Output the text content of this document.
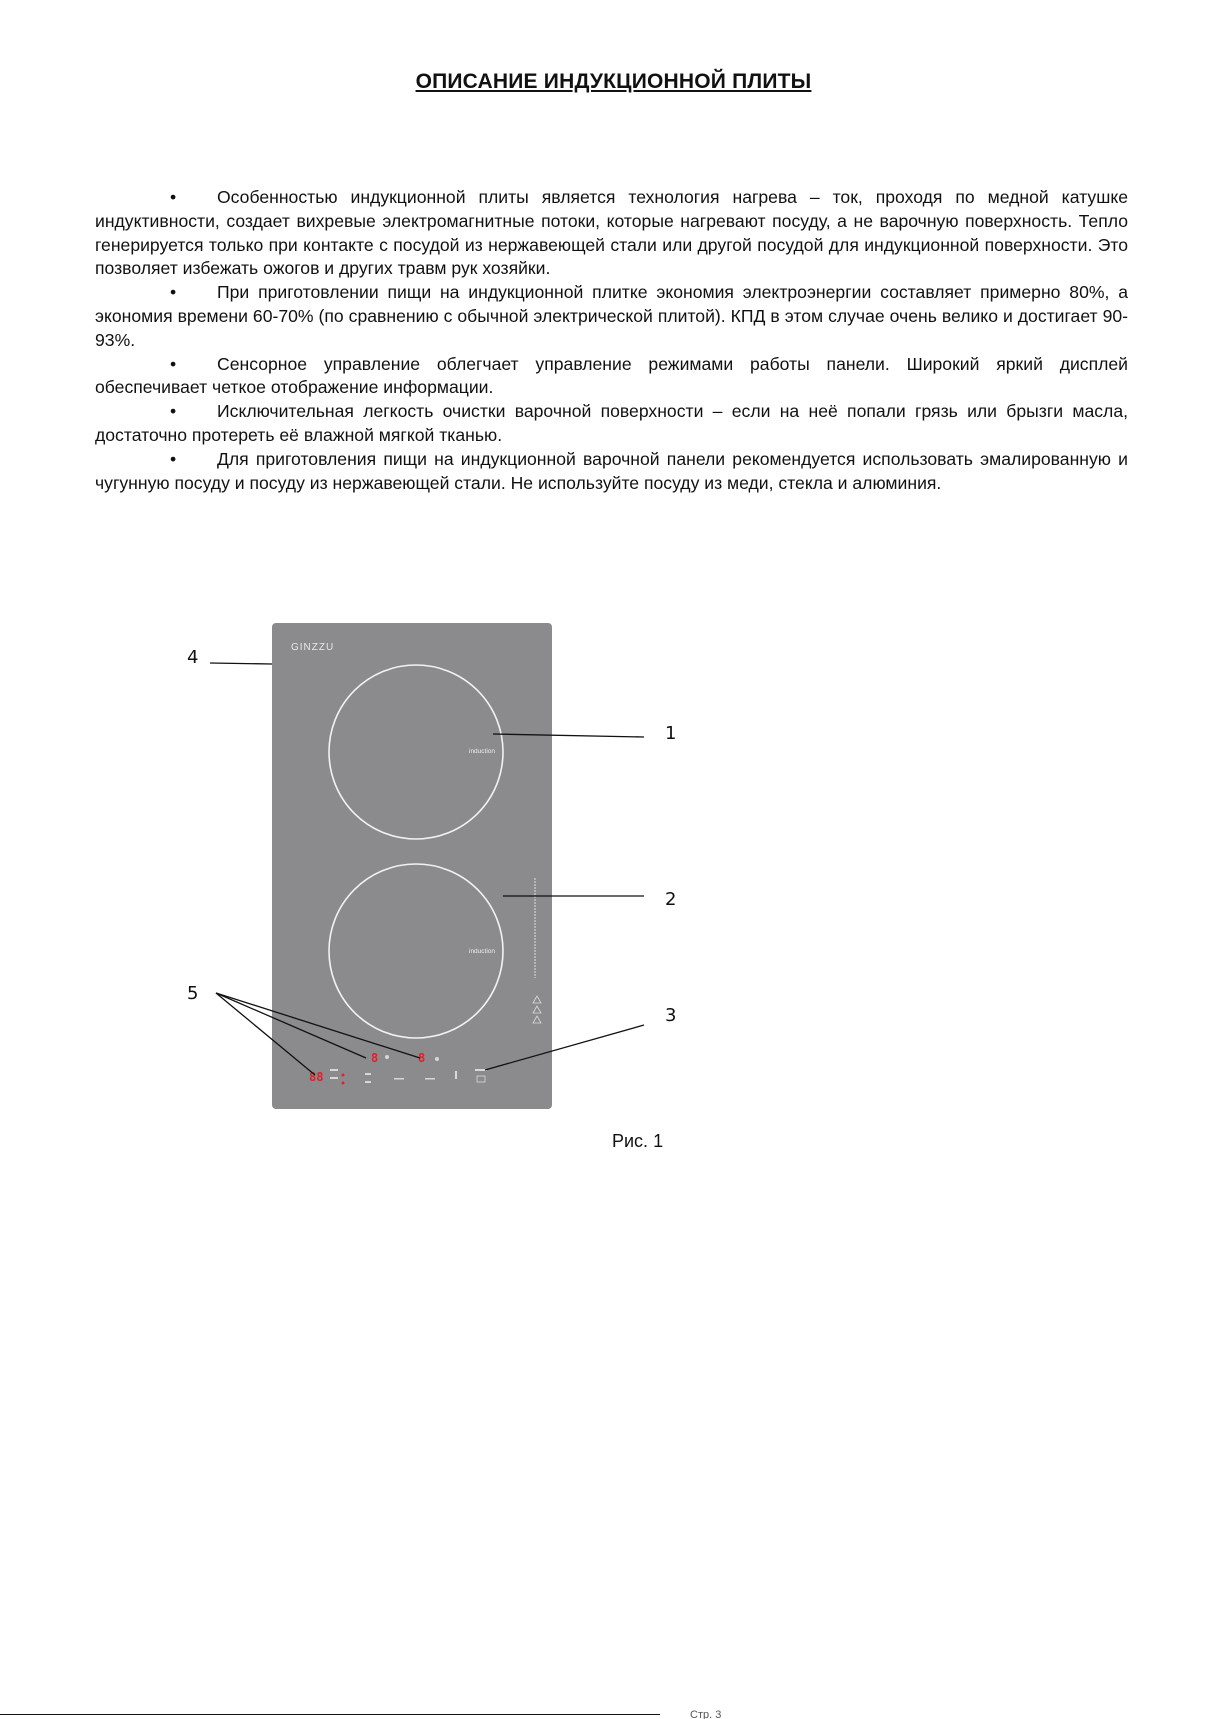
ОПИСАНИЕ ИНДУКЦИОННОЙ ПЛИТЫ

• Особенностью индукционной плиты является технология нагрева – ток, проходя по медной катушке индуктивности, создает вихревые электромагнитные потоки, которые нагревают посуду, а не варочную поверхность. Тепло генерируется только при контакте с посудой из нержавеющей стали или другой посудой для индукционной поверхности. Это позволяет избежать ожогов и других травм рук хозяйки.

• При приготовлении пищи на индукционной плитке экономия электроэнергии составляет примерно 80%, а экономия времени 60-70% (по сравнению с обычной электрической плитой). КПД в этом случае очень велико и достигает 90-93%.

• Сенсорное управление облегчает управление режимами работы панели. Широкий яркий дисплей обеспечивает четкое отображение информации.

• Исключительная легкость очистки варочной поверхности – если на неё попали грязь или брызги масла, достаточно протереть её влажной мягкой тканью.

• Для приготовления пищи на индукционной варочной панели рекомендуется использовать эмалированную и чугунную посуду и посуду из нержавеющей стали. Не используйте посуду из меди, стекла и алюминия.

GINZZU
induction
induction
88
8	8
1
2
3
4
5
Рис. 1
Стр. 3
